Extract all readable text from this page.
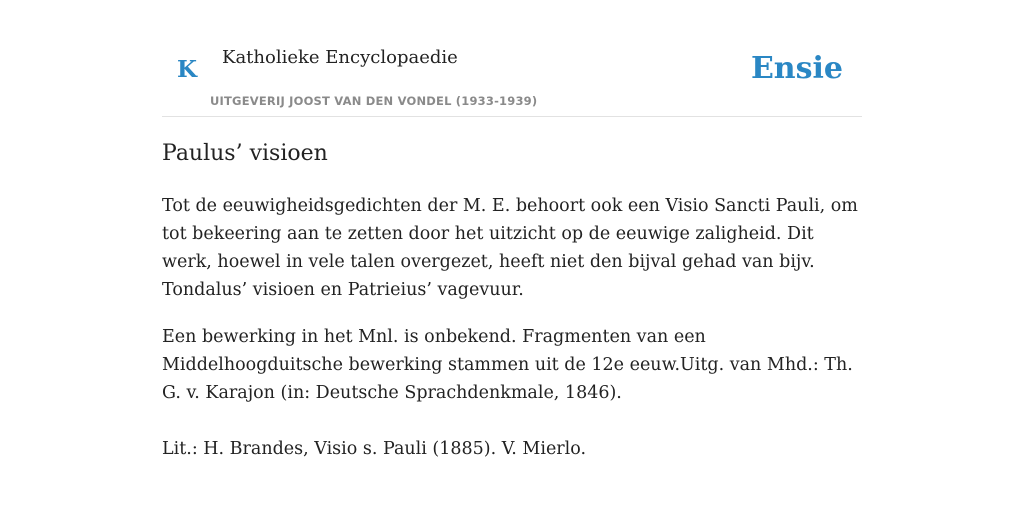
K Katholieke Encyclopaedie
UITGEVERIJ JOOST VAN DEN VONDEL (1933-1939)
Ensie
Paulus’ visioen

Tot de eeuwigheidsgedichten der M. E. behoort ook een Visio Sancti Pauli, om tot bekeering aan te zetten door het uitzicht op de eeuwige zaligheid. Dit werk, hoewel in vele talen overgezet, heeft niet den bijval gehad van bijv. Tondalus’ visioen en Patrieius’ vagevuur.

Een bewerking in het Mnl. is onbekend. Fragmenten van een Middelhoogduitsche bewerking stammen uit de 12e eeuw.Uitg. van Mhd.: Th. G. v. Karajon (in: Deutsche Sprachdenkmale, 1846).

Lit.: H. Brandes, Visio s. Pauli (1885). V. Mierlo.
